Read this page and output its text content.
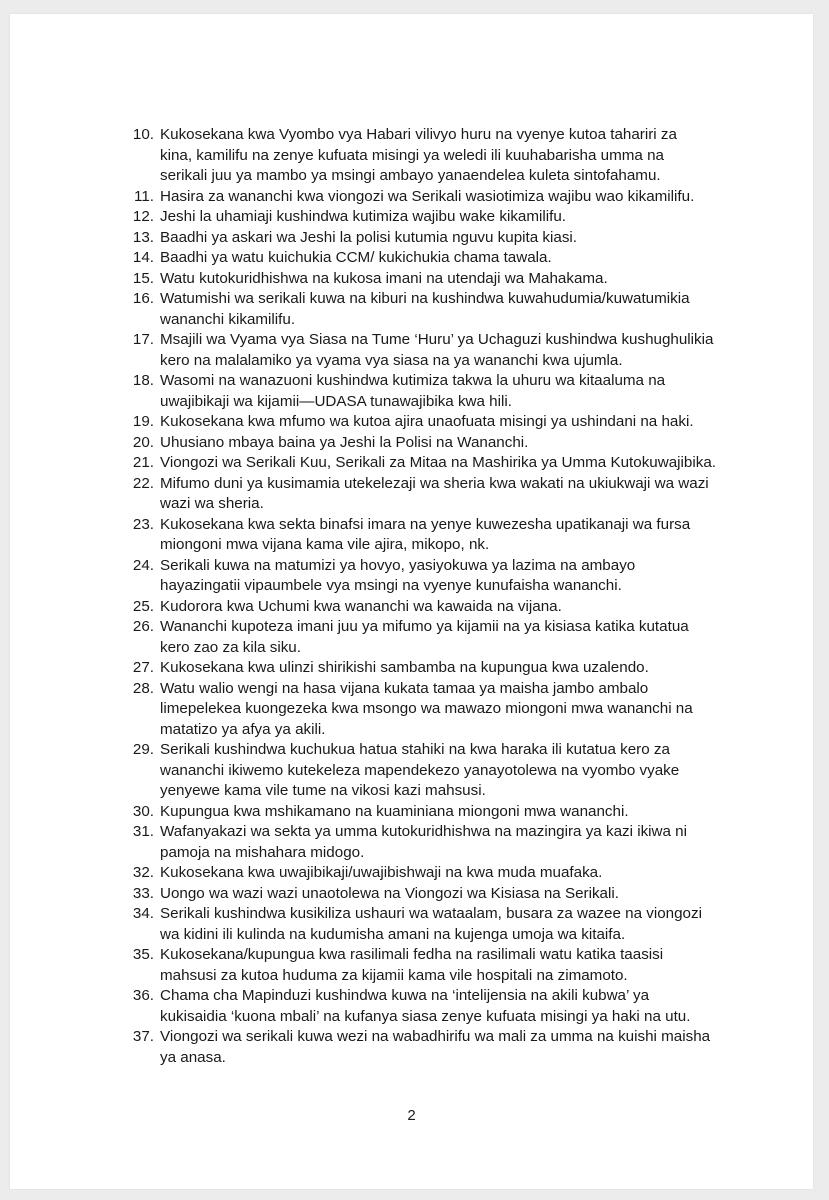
10. Kukosekana kwa Vyombo vya Habari vilivyo huru na vyenye kutoa tahariri za
kina, kamilifu na zenye kufuata misingi ya weledi ili kuuhabarisha umma na
serikali juu ya mambo ya msingi ambayo yanaendelea kuleta sintofahamu.
11. Hasira za wananchi kwa viongozi wa Serikali wasiotimiza wajibu wao kikamilifu.
12. Jeshi la uhamiaji kushindwa kutimiza wajibu wake kikamilifu.
13. Baadhi ya askari wa Jeshi la polisi kutumia nguvu kupita kiasi.
14. Baadhi ya watu kuichukia CCM/ kukichukia chama tawala.
15. Watu kutokuridhishwa na kukosa imani na utendaji wa Mahakama.
16. Watumishi wa serikali kuwa na kiburi na kushindwa kuwahudumia/kuwatumikia
wananchi kikamilifu.
17. Msajili wa Vyama vya Siasa na Tume ‘Huru’ ya Uchaguzi kushindwa kushughulikia
kero na malalamiko ya vyama vya siasa na ya wananchi kwa ujumla.
18. Wasomi na wanazuoni kushindwa kutimiza takwa la uhuru wa kitaaluma na
uwajibikaji wa kijamii—UDASA tunawajibika kwa hili.
19. Kukosekana kwa mfumo wa kutoa ajira unaofuata misingi ya ushindani na haki.
20. Uhusiano mbaya baina ya Jeshi la Polisi na Wananchi.
21. Viongozi wa Serikali Kuu, Serikali za Mitaa na Mashirika ya Umma Kutokuwajibika.
22. Mifumo duni ya kusimamia utekelezaji wa sheria kwa wakati na ukiukwaji wa wazi
wazi wa sheria.
23. Kukosekana kwa sekta binafsi imara na yenye kuwezesha upatikanaji wa fursa
miongoni mwa vijana kama vile ajira, mikopo, nk.
24. Serikali kuwa na matumizi ya hovyo, yasiyokuwa ya lazima na ambayo
hayazingatii vipaumbele vya msingi na vyenye kunufaisha wananchi.
25. Kudorora kwa Uchumi kwa wananchi wa kawaida na vijana.
26. Wananchi kupoteza imani juu ya mifumo ya kijamii na ya kisiasa katika kutatua
kero zao za kila siku.
27. Kukosekana kwa ulinzi shirikishi sambamba na kupungua kwa uzalendo.
28. Watu walio wengi na hasa vijana kukata tamaa ya maisha jambo ambalo
limepelekea kuongezeka kwa msongo wa mawazo miongoni mwa wananchi na
matatizo ya afya ya akili.
29. Serikali kushindwa kuchukua hatua stahiki na kwa haraka ili kutatua kero za
wananchi ikiwemo kutekeleza mapendekezo yanayotolewa na vyombo vyake
yenyewe kama vile tume na vikosi kazi mahsusi.
30. Kupungua kwa mshikamano na kuaminiana miongoni mwa wananchi.
31. Wafanyakazi wa sekta ya umma kutokuridhishwa na mazingira ya kazi ikiwa ni
pamoja na mishahara midogo.
32. Kukosekana kwa uwajibikaji/uwajibishwaji na kwa muda muafaka.
33. Uongo wa wazi wazi unaotolewa na Viongozi wa Kisiasa na Serikali.
34. Serikali kushindwa kusikiliza ushauri wa wataalam, busara za wazee na viongozi
wa kidini ili kulinda na kudumisha amani na kujenga umoja wa kitaifa.
35. Kukosekana/kupungua kwa rasilimali fedha na rasilimali watu katika taasisi
mahsusi za kutoa huduma za kijamii kama vile hospitali na zimamoto.
36. Chama cha Mapinduzi kushindwa kuwa na ‘intelijensia na akili kubwa’ ya
kukisaidia ‘kuona mbali’ na kufanya siasa zenye kufuata misingi ya haki na utu.
37. Viongozi wa serikali kuwa wezi na wabadhirifu wa mali za umma na kuishi maisha
ya anasa.
2
